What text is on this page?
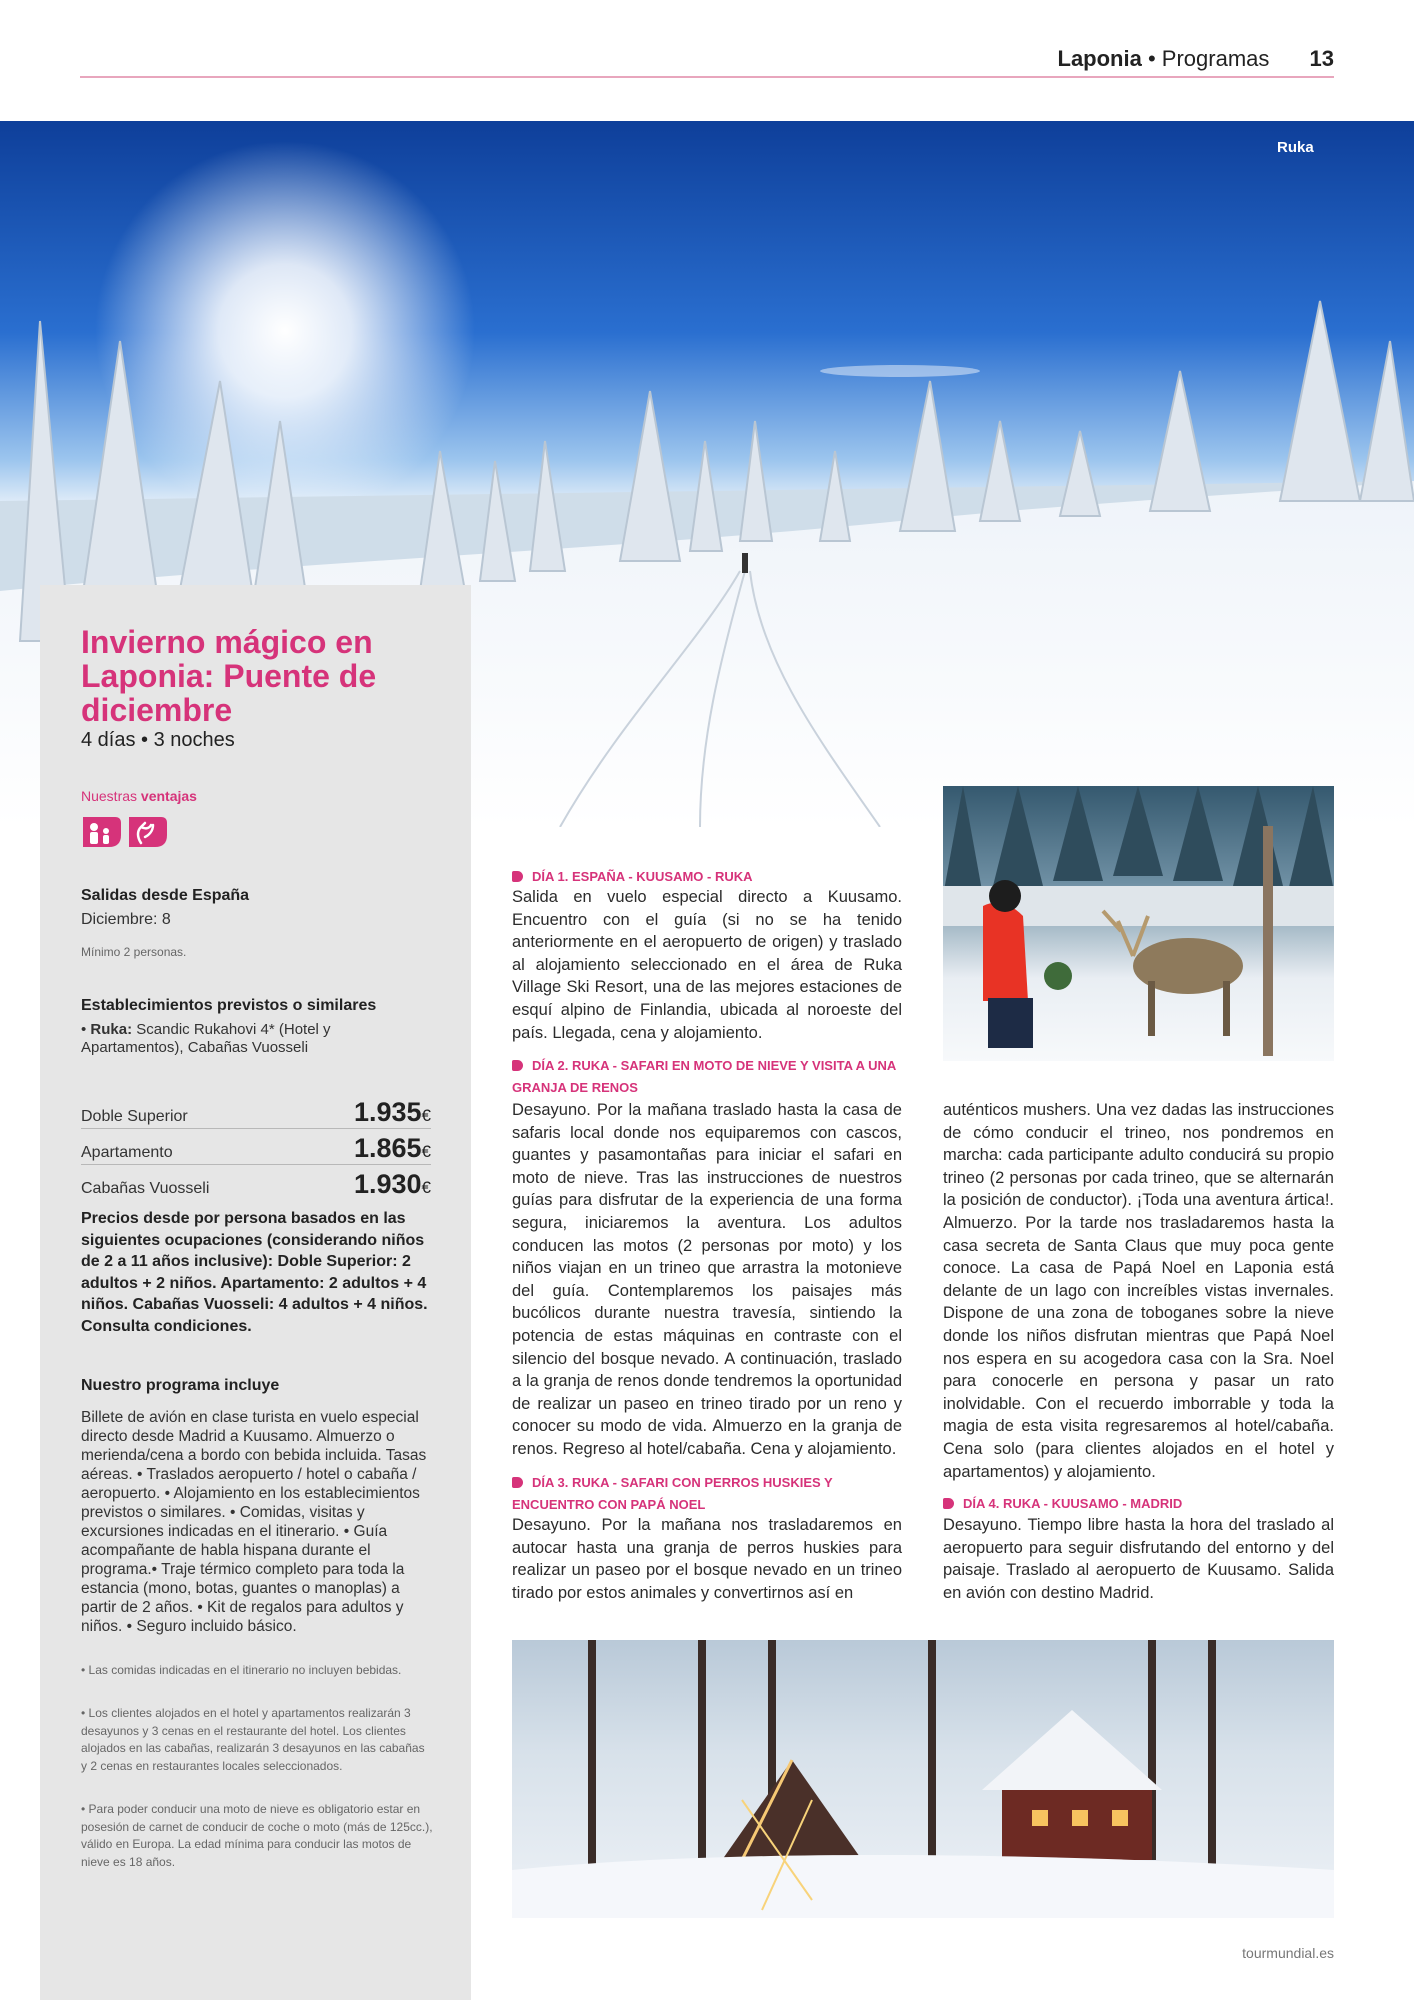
Laponia • Programas 13
Ruka
Invierno mágico en Laponia: Puente de diciembre
4 días • 3 noches
Nuestras ventajas
Salidas desde España
Diciembre: 8
Mínimo 2 personas.
Establecimientos previstos o similares
• Ruka: Scandic Rukahovi 4* (Hotel y Apartamentos), Cabañas Vuosseli
Doble Superior	1.935€
Apartamento	1.865€
Cabañas Vuosseli	1.930€
Precios desde por persona basados en las siguientes ocupaciones (considerando niños de 2 a 11 años inclusive): Doble Superior: 2 adultos + 2 niños. Apartamento: 2 adultos + 4 niños. Cabañas Vuosseli: 4 adultos + 4 niños. Consulta condiciones.
Nuestro programa incluye
Billete de avión en clase turista en vuelo especial directo desde Madrid a Kuusamo. Almuerzo o merienda/cena a bordo con bebida incluida. Tasas aéreas. • Traslados aeropuerto / hotel o cabaña / aeropuerto. • Alojamiento en los establecimientos previstos o similares. • Comidas, visitas y excursiones indicadas en el itinerario. • Guía acompañante de habla hispana durante el programa.• Traje térmico completo para toda la estancia (mono, botas, guantes o manoplas) a partir de 2 años. • Kit de regalos para adultos y niños. • Seguro incluido básico.
• Las comidas indicadas en el itinerario no incluyen bebidas.
• Los clientes alojados en el hotel y apartamentos realizarán 3 desayunos y 3 cenas en el restaurante del hotel. Los clientes alojados en las cabañas, realizarán 3 desayunos en las cabañas y 2 cenas en restaurantes locales seleccionados.
• Para poder conducir una moto de nieve es obligatorio estar en posesión de carnet de conducir de coche o moto (más de 125cc.), válido en Europa. La edad mínima para conducir las motos de nieve es 18 años.
DÍA 1. ESPAÑA - KUUSAMO - RUKA

Salida en vuelo especial directo a Kuusamo. Encuentro con el guía (si no se ha tenido anteriormente en el aeropuerto de origen) y traslado al alojamiento seleccionado en el área de Ruka Village Ski Resort, una de las mejores estaciones de esquí alpino de Finlandia, ubicada al noroeste del país. Llegada, cena y alojamiento.

DÍA 2. RUKA - SAFARI EN MOTO DE NIEVE Y VISITA A UNA GRANJA DE RENOS

Desayuno. Por la mañana traslado hasta la casa de safaris local donde nos equiparemos con cascos, guantes y pasamontañas para iniciar el safari en moto de nieve. Tras las instrucciones de nuestros guías para disfrutar de la experiencia de una forma segura, iniciaremos la aventura. Los adultos conducen las motos (2 personas por moto) y los niños viajan en un trineo que arrastra la motonieve del guía. Contemplaremos los paisajes más bucólicos durante nuestra travesía, sintiendo la potencia de estas máquinas en contraste con el silencio del bosque nevado. A continuación, traslado a la granja de renos donde tendremos la oportunidad de realizar un paseo en trineo tirado por un reno y conocer su modo de vida. Almuerzo en la granja de renos. Regreso al hotel/cabaña. Cena y alojamiento.

DÍA 3. RUKA - SAFARI CON PERROS HUSKIES Y ENCUENTRO CON PAPÁ NOEL

Desayuno. Por la mañana nos trasladaremos en autocar hasta una granja de perros huskies para realizar un paseo por el bosque nevado en un trineo tirado por estos animales y convertirnos así en

auténticos mushers. Una vez dadas las instrucciones de cómo conducir el trineo, nos pondremos en marcha: cada participante adulto conducirá su propio trineo (2 personas por cada trineo, que se alternarán la posición de conductor). ¡Toda una aventura ártica!. Almuerzo. Por la tarde nos trasladaremos hasta la casa secreta de Santa Claus que muy poca gente conoce. La casa de Papá Noel en Laponia está delante de un lago con increíbles vistas invernales. Dispone de una zona de toboganes sobre la nieve donde los niños disfrutan mientras que Papá Noel nos espera en su acogedora casa con la Sra. Noel para conocerle en persona y pasar un rato inolvidable. Con el recuerdo imborrable y toda la magia de esta visita regresaremos al hotel/cabaña. Cena solo (para clientes alojados en el hotel y apartamentos) y alojamiento.

DÍA 4. RUKA - KUUSAMO - MADRID

Desayuno. Tiempo libre hasta la hora del traslado al aeropuerto para seguir disfrutando del entorno y del paisaje. Traslado al aeropuerto de Kuusamo. Salida en avión con destino Madrid.

tourmundial.es
